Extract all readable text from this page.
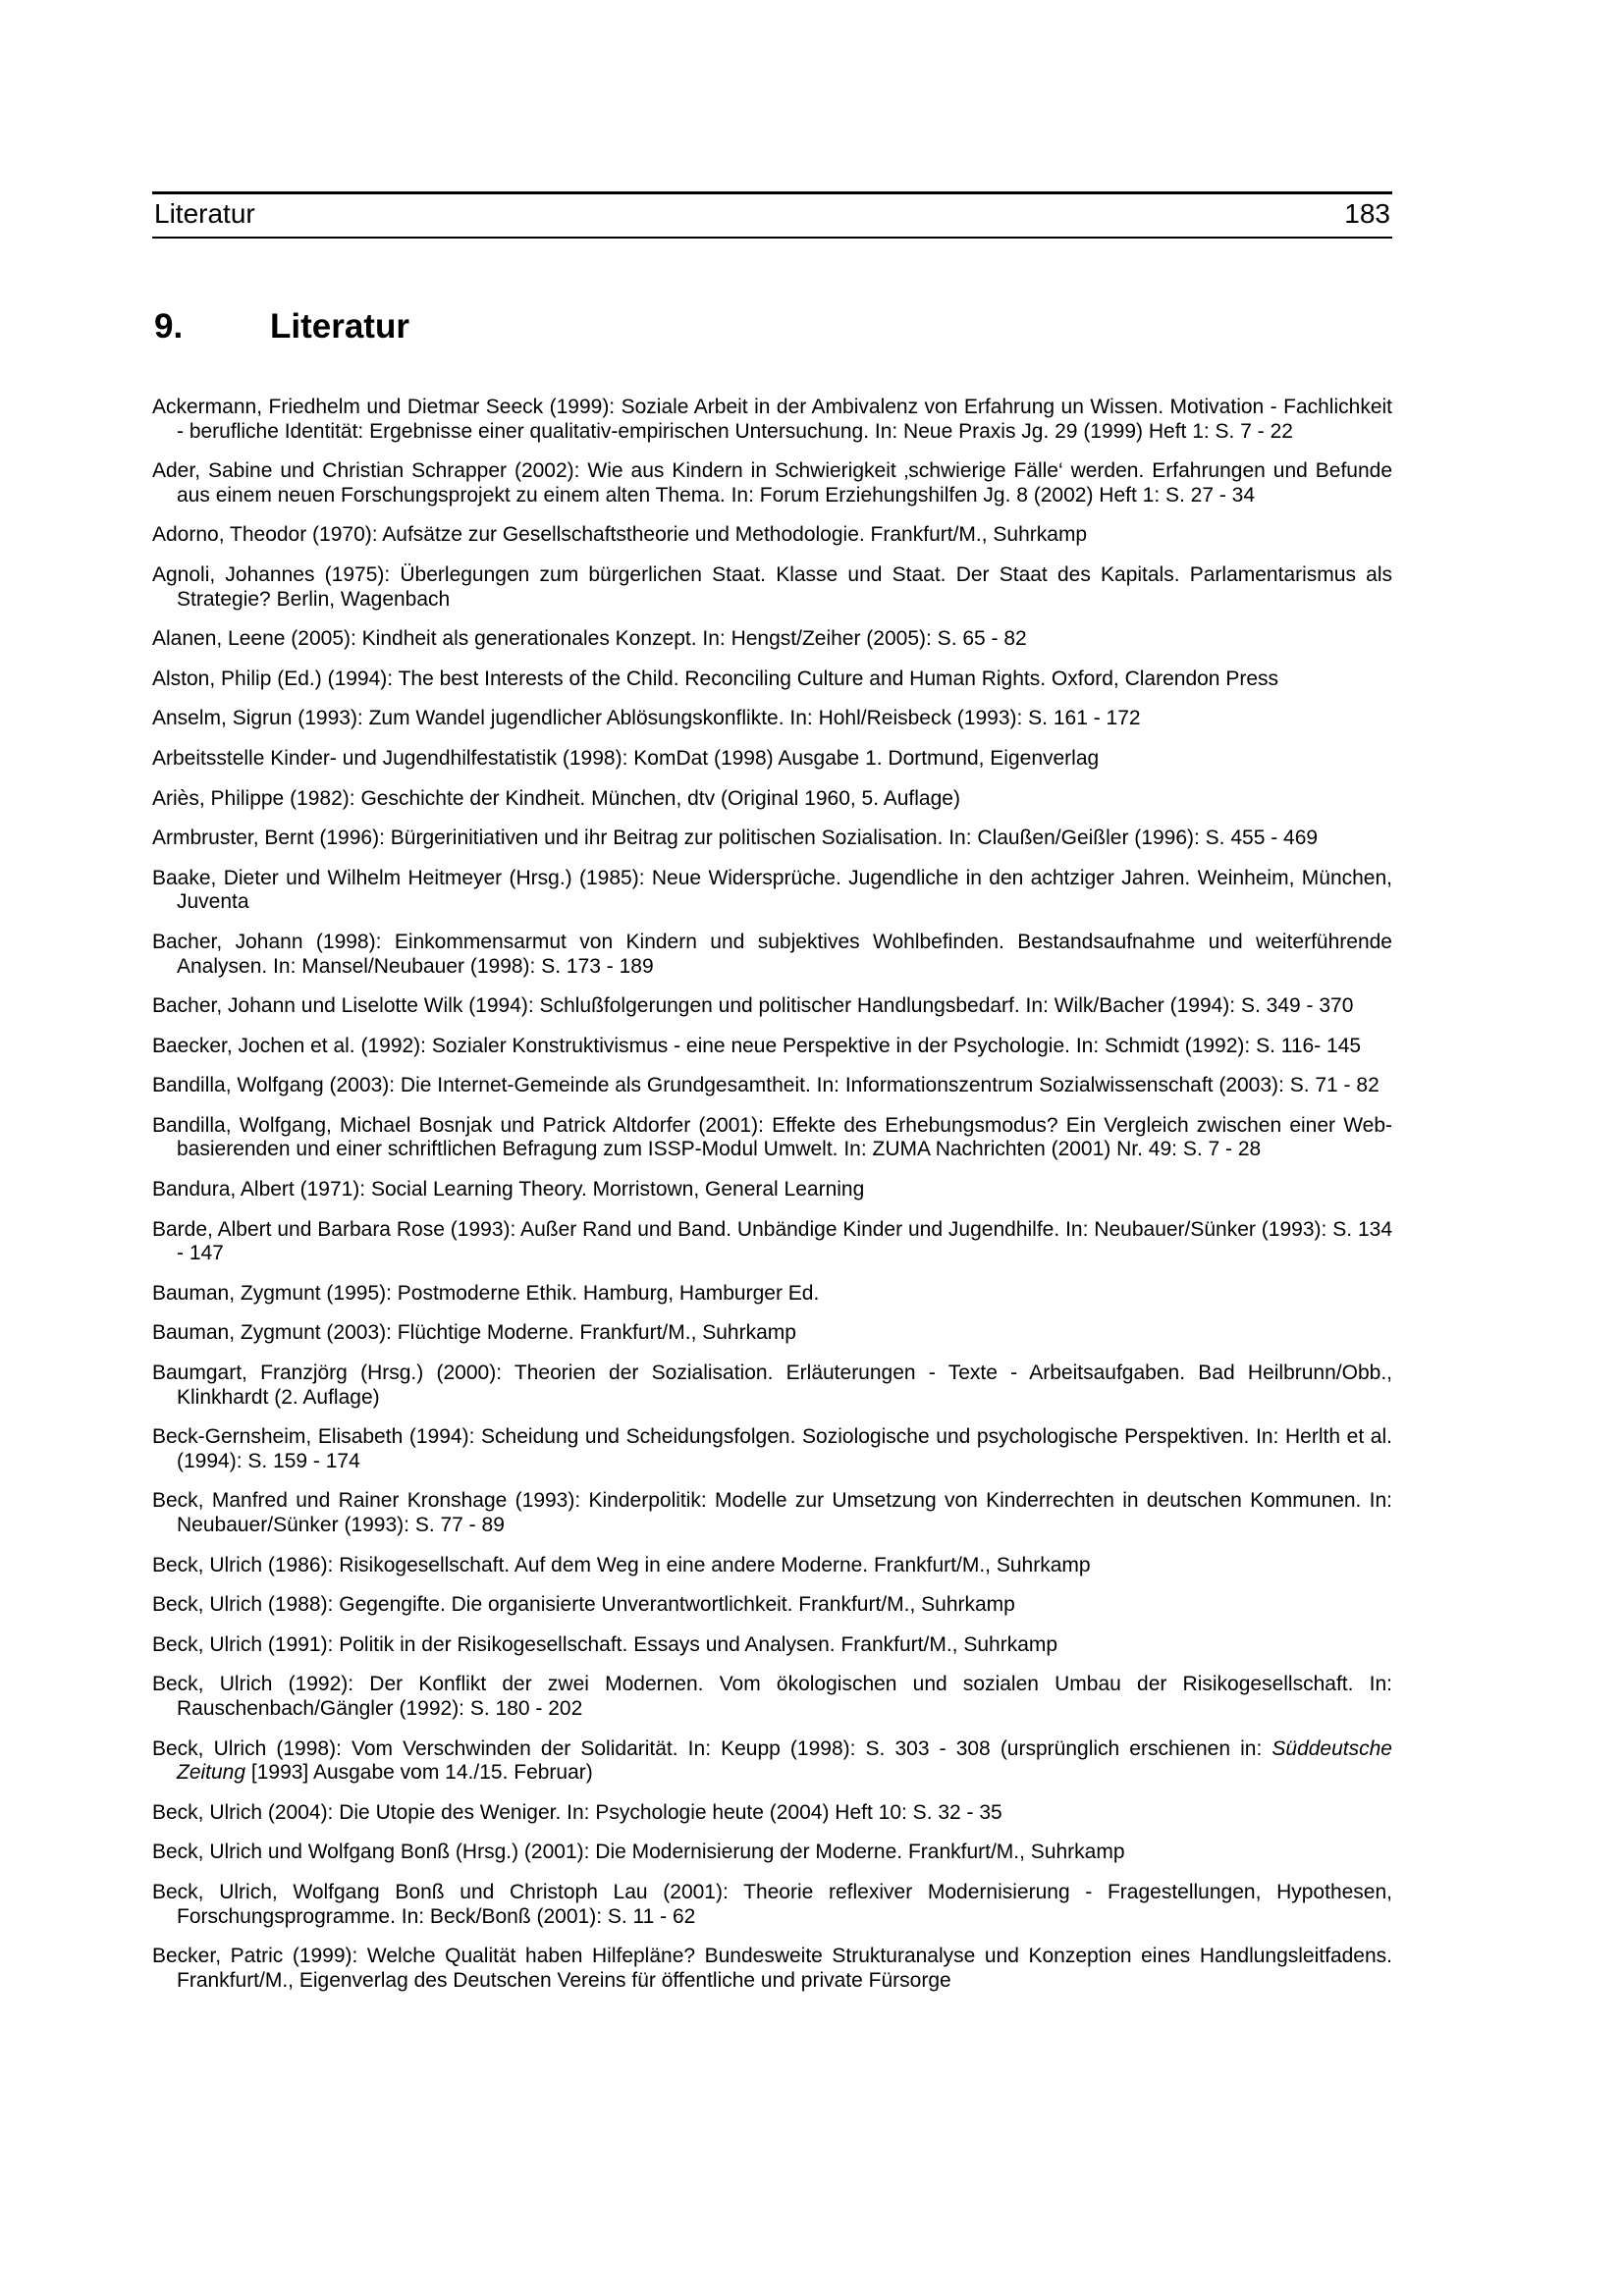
Literatur	183
9.	Literatur

Ackermann, Friedhelm und Dietmar Seeck (1999): Soziale Arbeit in der Ambivalenz von Erfahrung un Wissen. Motivation - Fachlichkeit - berufliche Identität: Ergebnisse einer qualitativ-empirischen Untersuchung. In: Neue Praxis Jg. 29 (1999) Heft 1: S. 7 - 22

Ader, Sabine und Christian Schrapper (2002): Wie aus Kindern in Schwierigkeit ‚schwierige Fälle‘ werden. Erfahrungen und Befunde aus einem neuen Forschungsprojekt zu einem alten Thema. In: Forum Erziehungshilfen Jg. 8 (2002) Heft 1: S. 27 - 34

Adorno, Theodor (1970): Aufsätze zur Gesellschaftstheorie und Methodologie. Frankfurt/M., Suhrkamp

Agnoli, Johannes (1975): Überlegungen zum bürgerlichen Staat. Klasse und Staat. Der Staat des Kapitals. Parlamentarismus als Strategie? Berlin, Wagenbach

Alanen, Leene (2005): Kindheit als generationales Konzept. In: Hengst/Zeiher (2005): S. 65 - 82

Alston, Philip (Ed.) (1994): The best Interests of the Child. Reconciling Culture and Human Rights. Oxford, Clarendon Press

Anselm, Sigrun (1993): Zum Wandel jugendlicher Ablösungskonflikte. In: Hohl/Reisbeck (1993): S. 161 - 172

Arbeitsstelle Kinder- und Jugendhilfestatistik (1998): KomDat (1998) Ausgabe 1. Dortmund, Eigenverlag

Ariès, Philippe (1982): Geschichte der Kindheit. München, dtv (Original 1960, 5. Auflage)

Armbruster, Bernt (1996): Bürgerinitiativen und ihr Beitrag zur politischen Sozialisation. In: Claußen/Geißler (1996): S. 455 - 469

Baake, Dieter und Wilhelm Heitmeyer (Hrsg.) (1985): Neue Widersprüche. Jugendliche in den achtziger Jahren. Weinheim, München, Juventa

Bacher, Johann (1998): Einkommensarmut von Kindern und subjektives Wohlbefinden. Bestandsaufnahme und weiterführende Analysen. In: Mansel/Neubauer (1998): S. 173 - 189

Bacher, Johann und Liselotte Wilk (1994): Schlußfolgerungen und politischer Handlungsbedarf. In: Wilk/Bacher (1994): S. 349 - 370

Baecker, Jochen et al. (1992): Sozialer Konstruktivismus - eine neue Perspektive in der Psychologie. In: Schmidt (1992): S. 116- 145

Bandilla, Wolfgang (2003): Die Internet-Gemeinde als Grundgesamtheit. In: Informationszentrum Sozialwissenschaft (2003): S. 71 - 82

Bandilla, Wolfgang, Michael Bosnjak und Patrick Altdorfer (2001): Effekte des Erhebungsmodus? Ein Vergleich zwischen einer Web-basierenden und einer schriftlichen Befragung zum ISSP-Modul Umwelt. In: ZUMA Nachrichten (2001) Nr. 49: S. 7 - 28

Bandura, Albert (1971): Social Learning Theory. Morristown, General Learning

Barde, Albert und Barbara Rose (1993): Außer Rand und Band. Unbändige Kinder und Jugendhilfe. In: Neubauer/Sünker (1993): S. 134 - 147

Bauman, Zygmunt (1995): Postmoderne Ethik. Hamburg, Hamburger Ed.

Bauman, Zygmunt (2003): Flüchtige Moderne. Frankfurt/M., Suhrkamp

Baumgart, Franzjörg (Hrsg.) (2000): Theorien der Sozialisation. Erläuterungen - Texte - Arbeitsaufgaben. Bad Heilbrunn/Obb., Klinkhardt (2. Auflage)

Beck-Gernsheim, Elisabeth (1994): Scheidung und Scheidungsfolgen. Soziologische und psychologische Perspektiven. In: Herlth et al. (1994): S. 159 - 174

Beck, Manfred und Rainer Kronshage (1993): Kinderpolitik: Modelle zur Umsetzung von Kinderrechten in deutschen Kommunen. In: Neubauer/Sünker (1993): S. 77 - 89

Beck, Ulrich (1986): Risikogesellschaft. Auf dem Weg in eine andere Moderne. Frankfurt/M., Suhrkamp

Beck, Ulrich (1988): Gegengifte. Die organisierte Unverantwortlichkeit. Frankfurt/M., Suhrkamp

Beck, Ulrich (1991): Politik in der Risikogesellschaft. Essays und Analysen. Frankfurt/M., Suhrkamp

Beck, Ulrich (1992): Der Konflikt der zwei Modernen. Vom ökologischen und sozialen Umbau der Risikogesellschaft. In: Rauschenbach/Gängler (1992): S. 180 - 202

Beck, Ulrich (1998): Vom Verschwinden der Solidarität. In: Keupp (1998): S. 303 - 308 (ursprünglich erschienen in: Süddeutsche Zeitung [1993] Ausgabe vom 14./15. Februar)

Beck, Ulrich (2004): Die Utopie des Weniger. In: Psychologie heute (2004) Heft 10: S. 32 - 35

Beck, Ulrich und Wolfgang Bonß (Hrsg.) (2001): Die Modernisierung der Moderne. Frankfurt/M., Suhrkamp

Beck, Ulrich, Wolfgang Bonß und Christoph Lau (2001): Theorie reflexiver Modernisierung - Fragestellungen, Hypothesen, Forschungsprogramme. In: Beck/Bonß (2001): S. 11 - 62

Becker, Patric (1999): Welche Qualität haben Hilfepläne? Bundesweite Strukturanalyse und Konzeption eines Handlungsleitfadens. Frankfurt/M., Eigenverlag des Deutschen Vereins für öffentliche und private Fürsorge
